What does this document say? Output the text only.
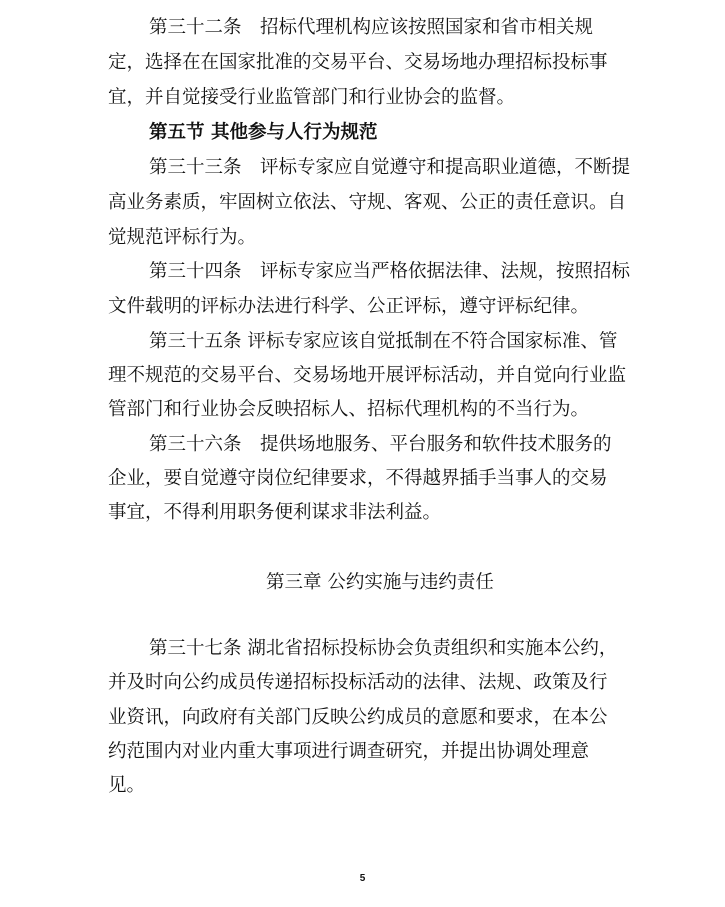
第三十二条　招标代理机构应该按照国家和省市相关规

定，选择在在国家批准的交易平台、交易场地办理招标投标事

宜，并自觉接受行业监管部门和行业协会的监督。

第五节 其他参与人行为规范

第三十三条　评标专家应自觉遵守和提高职业道德，不断提

高业务素质，牢固树立依法、守规、客观、公正的责任意识。自

觉规范评标行为。

第三十四条　评标专家应当严格依据法律、法规，按照招标

文件载明的评标办法进行科学、公正评标，遵守评标纪律。

第三十五条 评标专家应该自觉抵制在不符合国家标准、管

理不规范的交易平台、交易场地开展评标活动，并自觉向行业监

管部门和行业协会反映招标人、招标代理机构的不当行为。

第三十六条　提供场地服务、平台服务和软件技术服务的

企业，要自觉遵守岗位纪律要求，不得越界插手当事人的交易

事宜，不得利用职务便利谋求非法利益。

第三章 公约实施与违约责任

第三十七条 湖北省招标投标协会负责组织和实施本公约，

并及时向公约成员传递招标投标活动的法律、法规、政策及行

业资讯，向政府有关部门反映公约成员的意愿和要求，在本公

约范围内对业内重大事项进行调查研究，并提出协调处理意

见。

5
